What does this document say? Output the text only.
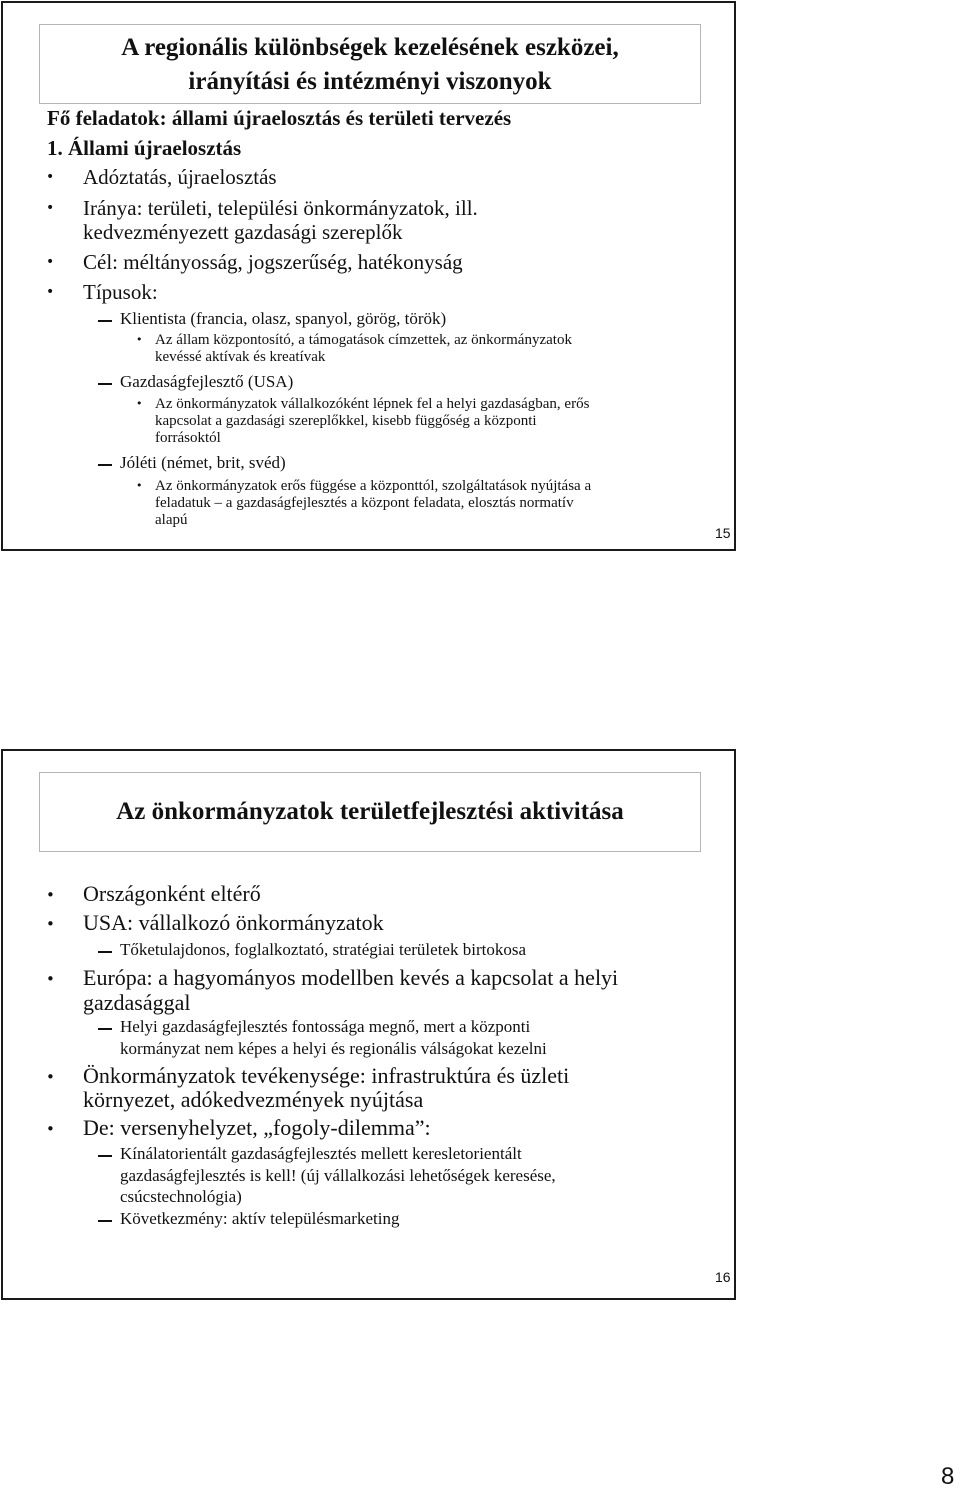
A regionális különbségek kezelésének eszközei,
irányítási és intézményi viszonyok
Fő feladatok: állami újraelosztás és területi tervezés
1. Állami újraelosztás
• Adóztatás, újraelosztás
• Iránya: területi, települési önkormányzatok, ill.
kedvezményezett gazdasági szereplők
• Cél: méltányosság, jogszerűség, hatékonyság
• Típusok:
Klientista (francia, olasz, spanyol, görög, török)
• Az állam központosító, a támogatások címzettek, az önkormányzatok
kevéssé aktívak és kreatívak
Gazdaságfejlesztő (USA)
• Az önkormányzatok vállalkozóként lépnek fel a helyi gazdaságban, erős
kapcsolat a gazdasági szereplőkkel, kisebb függőség a központi
forrásoktól
Jóléti (német, brit, svéd)
• Az önkormányzatok erős függése a központtól, szolgáltatások nyújtása a
feladatuk – a gazdaságfejlesztés a központ feladata, elosztás normatív
alapú
15
Az önkormányzatok területfejlesztési aktivitása
• Országonként eltérő
• USA: vállalkozó önkormányzatok
Tőketulajdonos, foglalkoztató, stratégiai területek birtokosa
• Európa: a hagyományos modellben kevés a kapcsolat a helyi
gazdasággal
Helyi gazdaságfejlesztés fontossága megnő, mert a központi
kormányzat nem képes a helyi és regionális válságokat kezelni
• Önkormányzatok tevékenysége: infrastruktúra és üzleti
környezet, adókedvezmények nyújtása
• De: versenyhelyzet, „fogoly-dilemma”:
Kínálatorientált gazdaságfejlesztés mellett keresletorientált
gazdaságfejlesztés is kell! (új vállalkozási lehetőségek keresése,
csúcstechnológia)
Következmény: aktív településmarketing
16
8
